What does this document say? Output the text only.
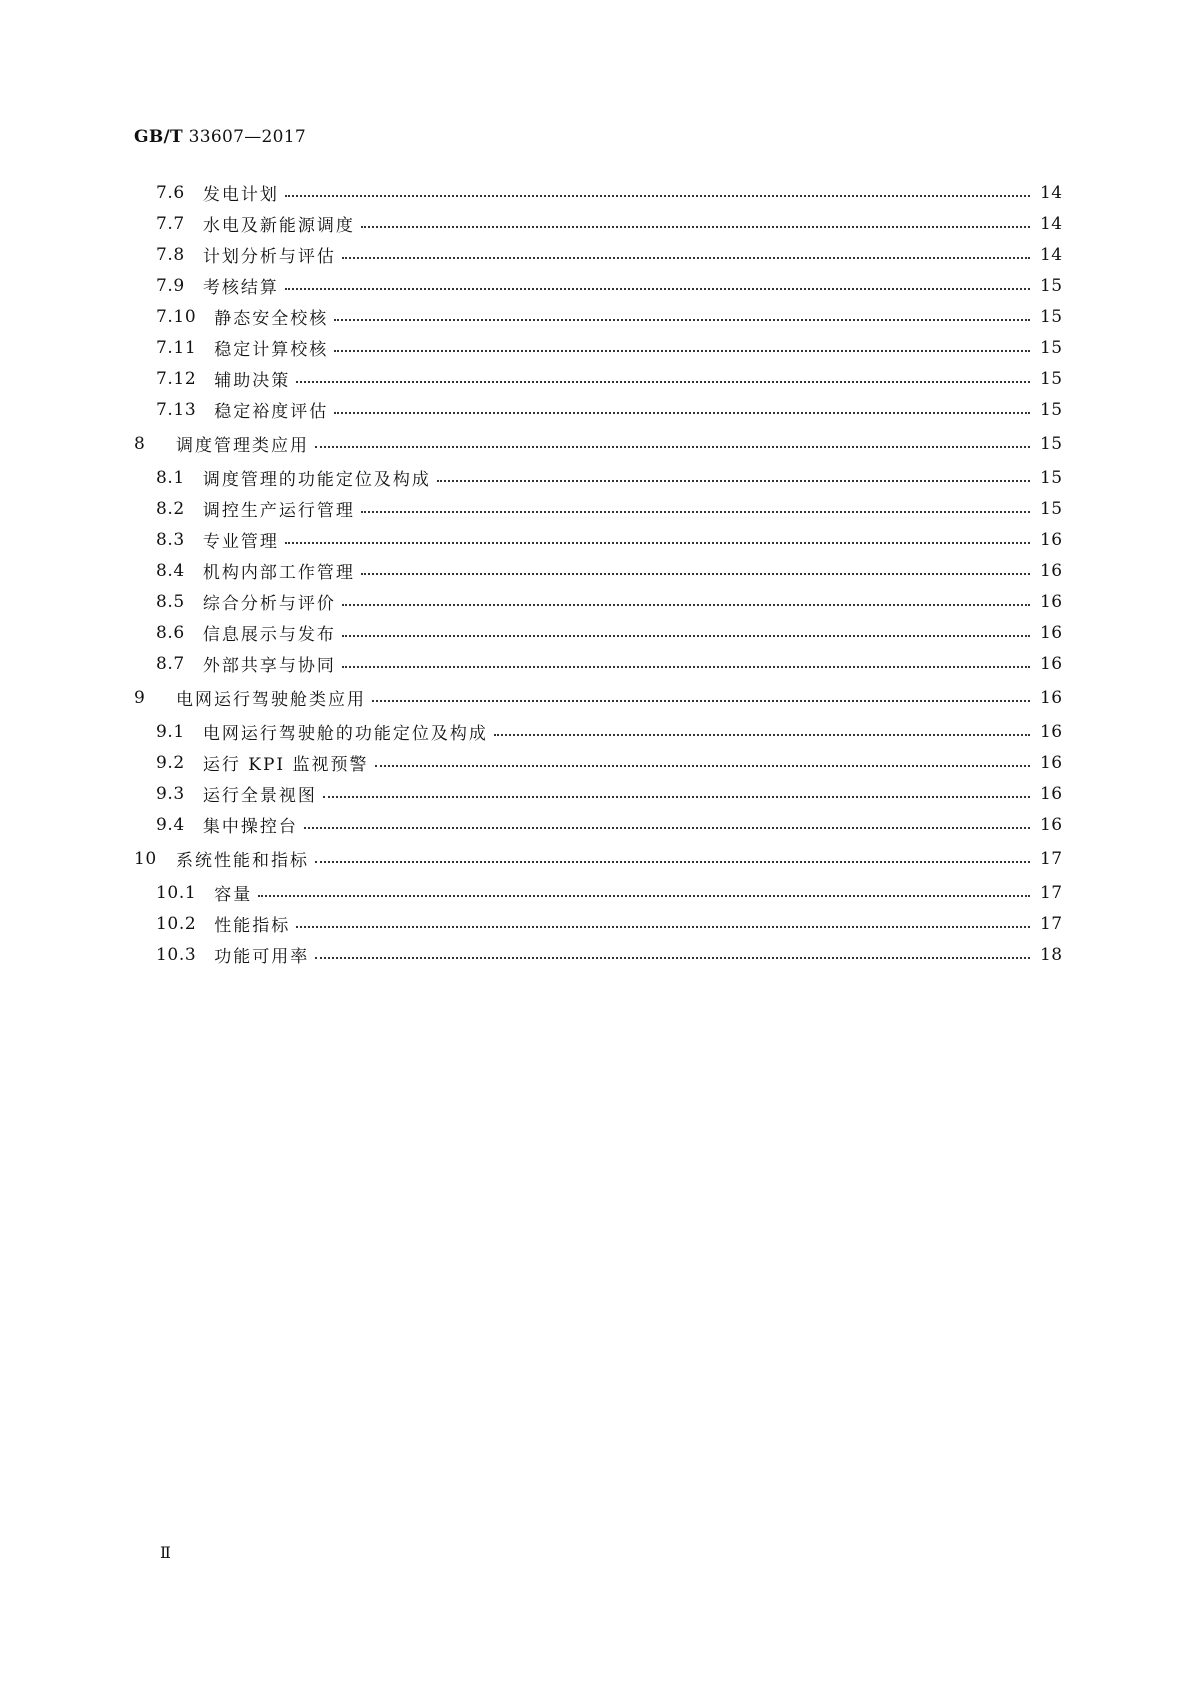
GB/T 33607—2017
7.6 发电计划	14
7.7 水电及新能源调度	14
7.8 计划分析与评估	14
7.9 考核结算	15
7.10 静态安全校核	15
7.11 稳定计算校核	15
7.12 辅助决策	15
7.13 稳定裕度评估	15
8	调度管理类应用	15
8.1 调度管理的功能定位及构成	15
8.2 调控生产运行管理	15
8.3 专业管理	16
8.4 机构内部工作管理	16
8.5 综合分析与评价	16
8.6 信息展示与发布	16
8.7 外部共享与协同	16
9	电网运行驾驶舱类应用	16
9.1 电网运行驾驶舱的功能定位及构成	16
9.2 运行 KPI 监视预警	16
9.3 运行全景视图	16
9.4 集中操控台	16
10 系统性能和指标	17
10.1 容量	17
10.2 性能指标	17
10.3 功能可用率	18
Ⅱ
